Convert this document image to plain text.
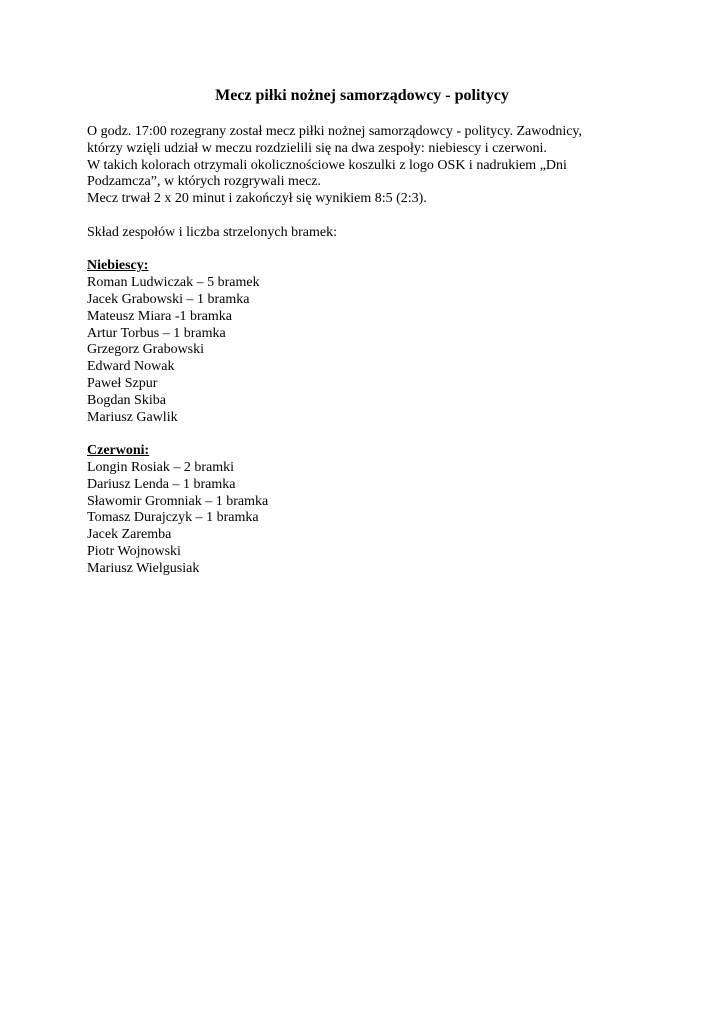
Mecz piłki nożnej samorządowcy - politycy
O godz. 17:00 rozegrany został mecz piłki nożnej samorządowcy - politycy. Zawodnicy,
którzy wzięli udział w meczu rozdzielili się na dwa zespoły: niebiescy i czerwoni.
W takich kolorach otrzymali okolicznościowe koszulki z logo OSK i nadrukiem „Dni
Podzamcza”, w których rozgrywali mecz.
Mecz trwał 2 x 20 minut i zakończył się wynikiem 8:5 (2:3).
Skład zespołów i liczba strzelonych bramek:
Niebiescy:
Roman Ludwiczak – 5 bramek
Jacek Grabowski – 1 bramka
Mateusz Miara -1 bramka
Artur Torbus – 1 bramka
Grzegorz Grabowski
Edward Nowak
Paweł Szpur
Bogdan Skiba
Mariusz Gawlik
Czerwoni:
Longin Rosiak – 2 bramki
Dariusz Lenda – 1 bramka
Sławomir Gromniak – 1 bramka
Tomasz Durajczyk – 1 bramka
Jacek Zaremba
Piotr Wojnowski
Mariusz Wielgusiak
